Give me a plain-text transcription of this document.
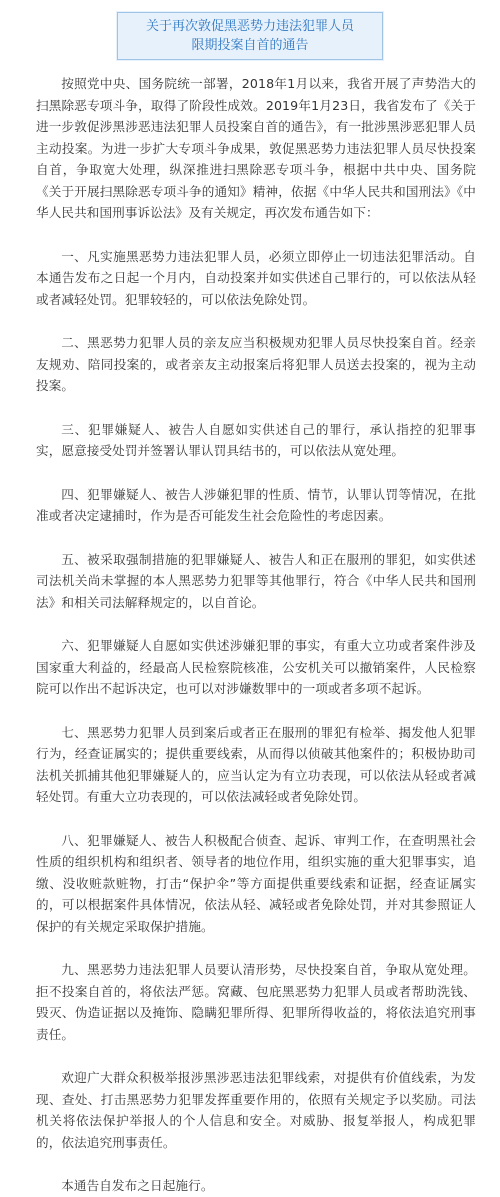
关于再次敦促黑恶势力违法犯罪人员
限期投案自首的通告

按照党中央、国务院统一部署，2018年1月以来，我省开展了声势浩大的扫黑除恶专项斗争，取得了阶段性成效。2019年1月23日，我省发布了《关于进一步敦促涉黑涉恶违法犯罪人员投案自首的通告》，有一批涉黑涉恶犯罪人员主动投案。为进一步扩大专项斗争成果，敦促黑恶势力违法犯罪人员尽快投案自首，争取宽大处理，纵深推进扫黑除恶专项斗争，根据中共中央、国务院《关于开展扫黑除恶专项斗争的通知》精神，依据《中华人民共和国刑法》《中华人民共和国刑事诉讼法》及有关规定，再次发布通告如下：

一、凡实施黑恶势力违法犯罪人员，必须立即停止一切违法犯罪活动。自本通告发布之日起一个月内，自动投案并如实供述自己罪行的，可以依法从轻或者减轻处罚。犯罪较轻的，可以依法免除处罚。

二、黑恶势力犯罪人员的亲友应当积极规劝犯罪人员尽快投案自首。经亲友规劝、陪同投案的，或者亲友主动报案后将犯罪人员送去投案的，视为主动投案。

三、犯罪嫌疑人、被告人自愿如实供述自己的罪行，承认指控的犯罪事实，愿意接受处罚并签署认罪认罚具结书的，可以依法从宽处理。

四、犯罪嫌疑人、被告人涉嫌犯罪的性质、情节，认罪认罚等情况，在批准或者决定逮捕时，作为是否可能发生社会危险性的考虑因素。

五、被采取强制措施的犯罪嫌疑人、被告人和正在服刑的罪犯，如实供述司法机关尚未掌握的本人黑恶势力犯罪等其他罪行，符合《中华人民共和国刑法》和相关司法解释规定的，以自首论。

六、犯罪嫌疑人自愿如实供述涉嫌犯罪的事实，有重大立功或者案件涉及国家重大利益的，经最高人民检察院核准，公安机关可以撤销案件，人民检察院可以作出不起诉决定，也可以对涉嫌数罪中的一项或者多项不起诉。

七、黑恶势力犯罪人员到案后或者正在服刑的罪犯有检举、揭发他人犯罪行为，经查证属实的；提供重要线索，从而得以侦破其他案件的；积极协助司法机关抓捕其他犯罪嫌疑人的，应当认定为有立功表现，可以依法从轻或者减轻处罚。有重大立功表现的，可以依法减轻或者免除处罚。

八、犯罪嫌疑人、被告人积极配合侦查、起诉、审判工作，在查明黑社会性质的组织机构和组织者、领导者的地位作用，组织实施的重大犯罪事实，追缴、没收赃款赃物，打击“保护伞”等方面提供重要线索和证据，经查证属实的，可以根据案件具体情况，依法从轻、减轻或者免除处罚，并对其参照证人保护的有关规定采取保护措施。

九、黑恶势力违法犯罪人员要认清形势，尽快投案自首，争取从宽处理。拒不投案自首的，将依法严惩。窝藏、包庇黑恶势力犯罪人员或者帮助洗钱、毁灭、伪造证据以及掩饰、隐瞒犯罪所得、犯罪所得收益的，将依法追究刑事责任。

欢迎广大群众积极举报涉黑涉恶违法犯罪线索，对提供有价值线索，为发现、查处、打击黑恶势力犯罪发挥重要作用的，依照有关规定予以奖励。司法机关将依法保护举报人的个人信息和安全。对威胁、报复举报人，构成犯罪的，依法追究刑事责任。

本通告自发布之日起施行。
